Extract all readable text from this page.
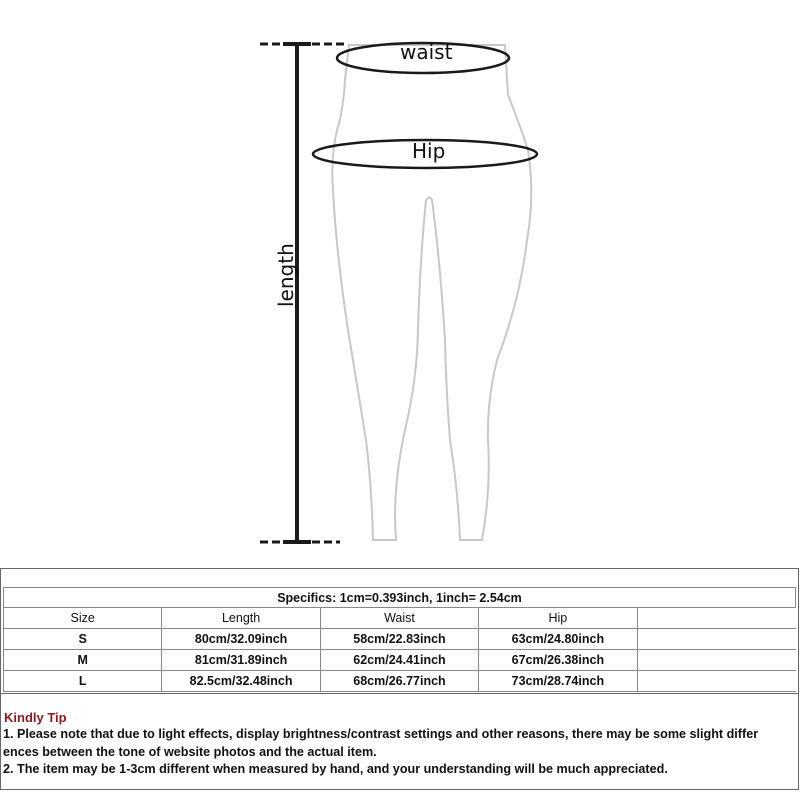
waist
Hip
length
Specifics: 1cm=0.393inch, 1inch= 2.54cm				
Size	Length	Waist	Hip	
S	80cm/32.09inch	58cm/22.83inch	63cm/24.80inch	
M	81cm/31.89inch	62cm/24.41inch	67cm/26.38inch	
L	82.5cm/32.48inch	68cm/26.77inch	73cm/28.74inch	
Kindly Tip
1. Please note that due to light effects, display brightness/contrast settings and other reasons, there may be some slight differ
ences between the tone of website photos and the actual item.
2. The item may be 1-3cm different when measured by hand, and your understanding will be much appreciated.
